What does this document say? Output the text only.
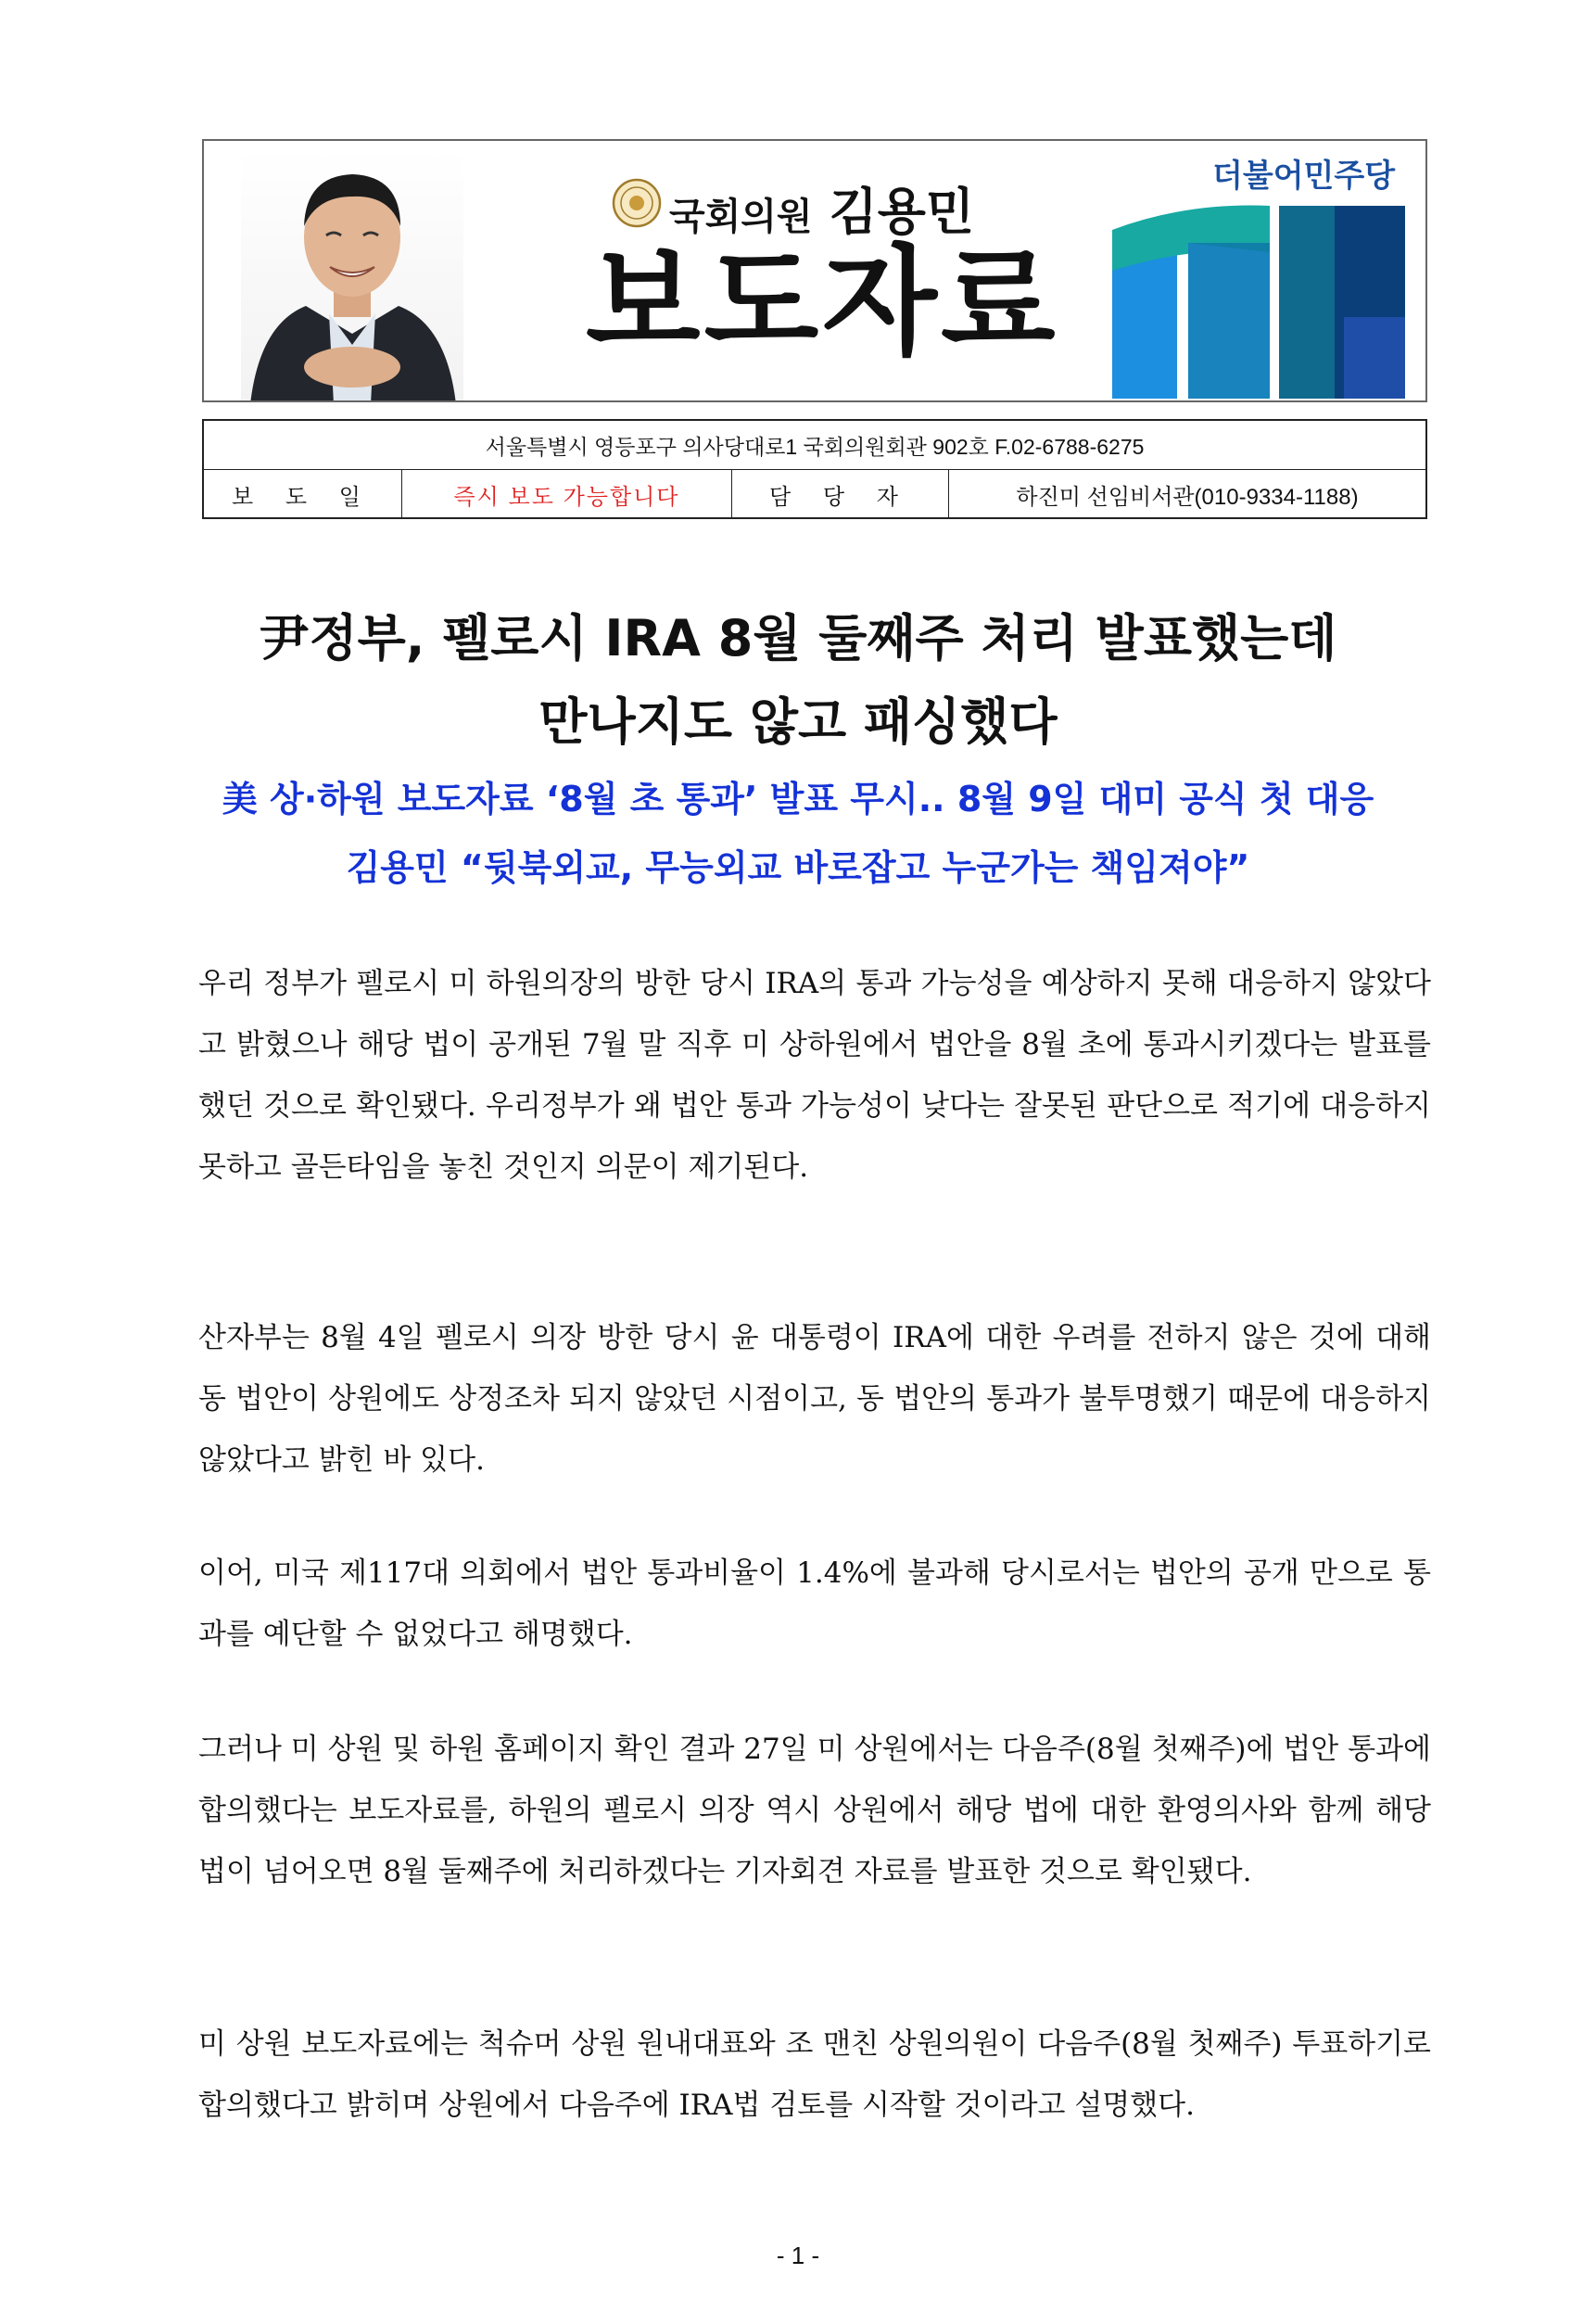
국회의원 김용민
보도자료
더불어민주당
서울특별시 영등포구 의사당대로1 국회의원회관 902호 F.02-6788-6275
보 도 일	즉시 보도 가능합니다	담 당 자	하진미 선임비서관(010-9334-1188)
尹정부, 펠로시 IRA 8월 둘째주 처리 발표했는데
만나지도 않고 패싱했다
美 상·하원 보도자료 ‘8월 초 통과’ 발표 무시.. 8월 9일 대미 공식 첫 대응
김용민 “뒷북외교, 무능외교 바로잡고 누군가는 책임져야”

우리 정부가 펠로시 미 하원의장의 방한 당시 IRA의 통과 가능성을 예상하지 못해 대응하지 않았다고 밝혔으나 해당 법이 공개된 7월 말 직후 미 상하원에서 법안을 8월 초에 통과시키겠다는 발표를 했던 것으로 확인됐다. 우리정부가 왜 법안 통과 가능성이 낮다는 잘못된 판단으로 적기에 대응하지 못하고 골든타임을 놓친 것인지 의문이 제기된다.

산자부는 8월 4일 펠로시 의장 방한 당시 윤 대통령이 IRA에 대한 우려를 전하지 않은 것에 대해 동 법안이 상원에도 상정조차 되지 않았던 시점이고, 동 법안의 통과가 불투명했기 때문에 대응하지 않았다고 밝힌 바 있다.

이어, 미국 제117대 의회에서 법안 통과비율이 1.4%에 불과해 당시로서는 법안의 공개 만으로 통과를 예단할 수 없었다고 해명했다.

그러나 미 상원 및 하원 홈페이지 확인 결과 27일 미 상원에서는 다음주(8월 첫째주)에 법안 통과에 합의했다는 보도자료를, 하원의 펠로시 의장 역시 상원에서 해당 법에 대한 환영의사와 함께 해당 법이 넘어오면 8월 둘째주에 처리하겠다는 기자회견 자료를 발표한 것으로 확인됐다.

미 상원 보도자료에는 척슈머 상원 원내대표와 조 맨친 상원의원이 다음주(8월 첫째주) 투표하기로 합의했다고 밝히며 상원에서 다음주에 IRA법 검토를 시작할 것이라고 설명했다.

- 1 -
